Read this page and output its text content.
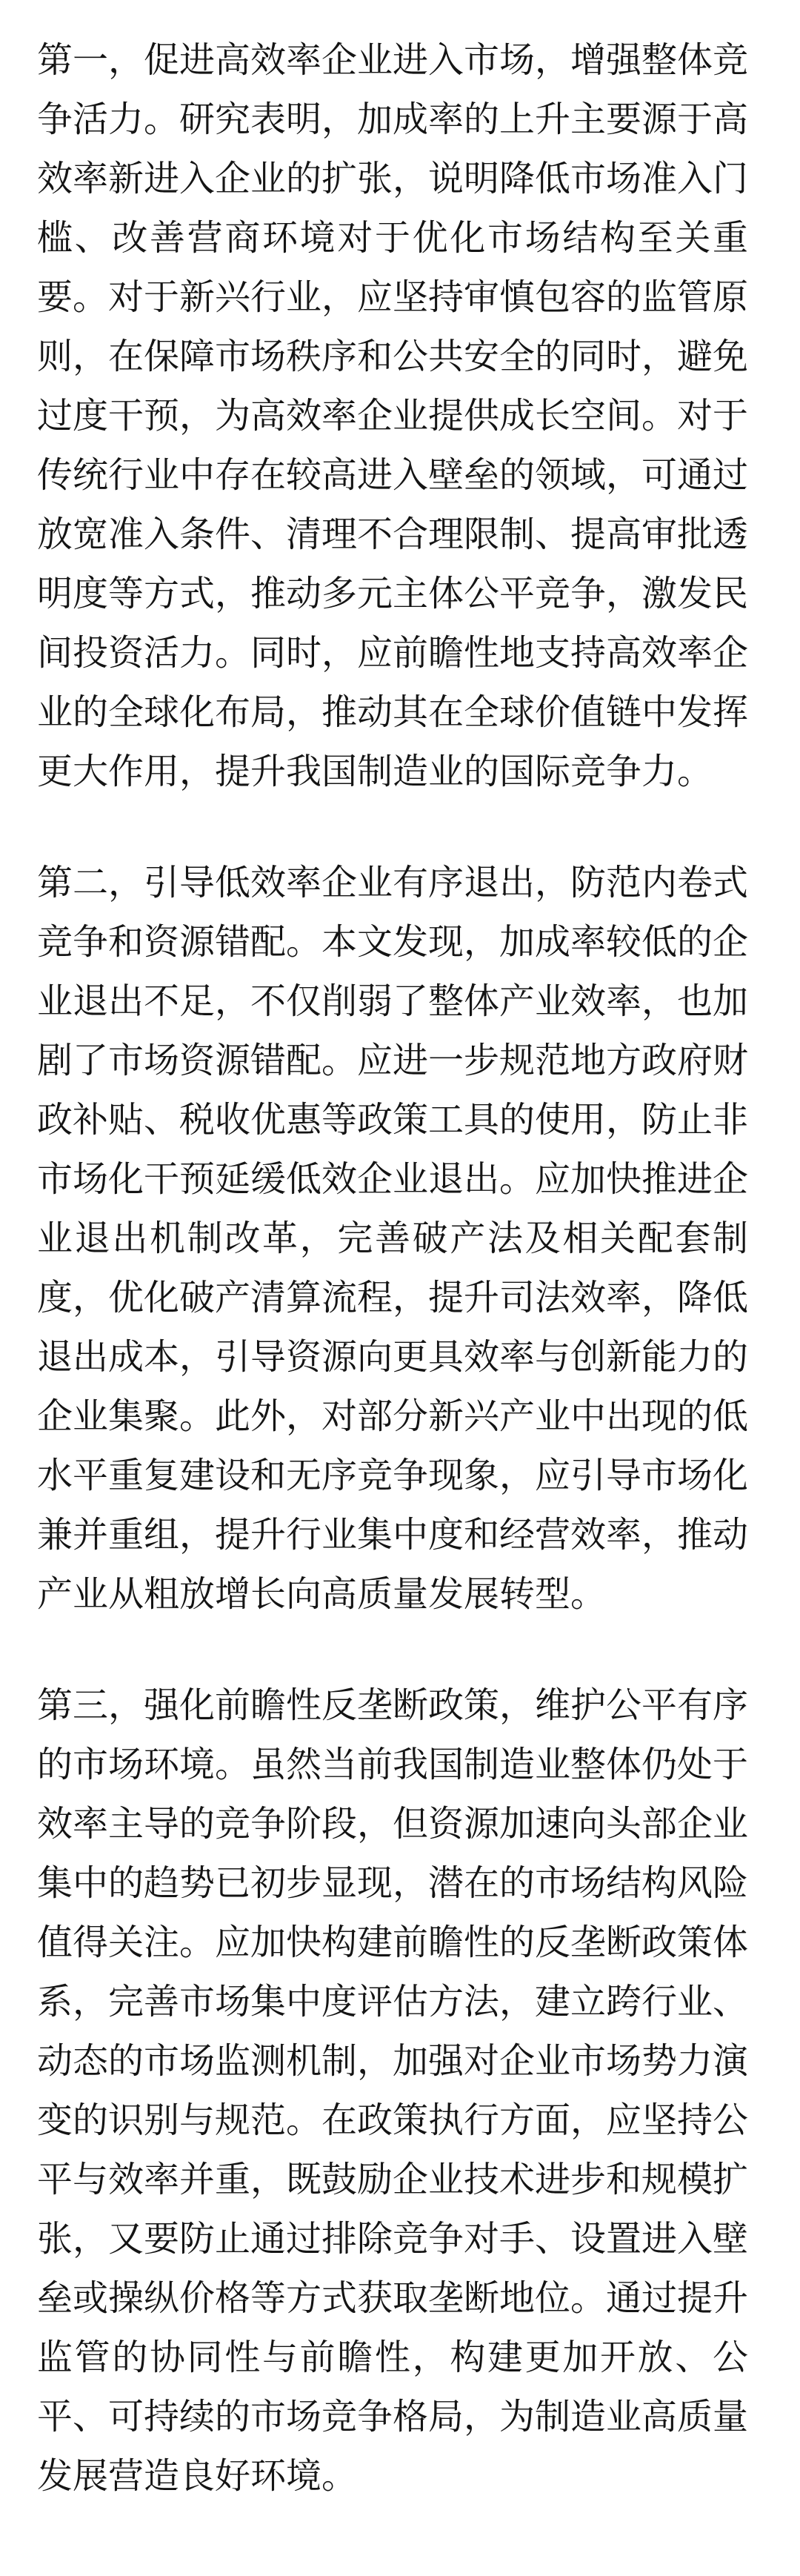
第一，促进高效率企业进入市场，增强整体竞
争活力。研究表明，加成率的上升主要源于高
效率新进入企业的扩张，说明降低市场准入门
槛、改善营商环境对于优化市场结构至关重
要。对于新兴行业，应坚持审慎包容的监管原
则，在保障市场秩序和公共安全的同时，避免
过度干预，为高效率企业提供成长空间。对于
传统行业中存在较高进入壁垒的领域，可通过
放宽准入条件、清理不合理限制、提高审批透
明度等方式，推动多元主体公平竞争，激发民
间投资活力。同时，应前瞻性地支持高效率企
业的全球化布局，推动其在全球价值链中发挥
更大作用，提升我国制造业的国际竞争力。
第二，引导低效率企业有序退出，防范内卷式
竞争和资源错配。本文发现，加成率较低的企
业退出不足，不仅削弱了整体产业效率，也加
剧了市场资源错配。应进一步规范地方政府财
政补贴、税收优惠等政策工具的使用，防止非
市场化干预延缓低效企业退出。应加快推进企
业退出机制改革，完善破产法及相关配套制
度，优化破产清算流程，提升司法效率，降低
退出成本，引导资源向更具效率与创新能力的
企业集聚。此外，对部分新兴产业中出现的低
水平重复建设和无序竞争现象，应引导市场化
兼并重组，提升行业集中度和经营效率，推动
产业从粗放增长向高质量发展转型。
第三，强化前瞻性反垄断政策，维护公平有序
的市场环境。虽然当前我国制造业整体仍处于
效率主导的竞争阶段，但资源加速向头部企业
集中的趋势已初步显现，潜在的市场结构风险
值得关注。应加快构建前瞻性的反垄断政策体
系，完善市场集中度评估方法，建立跨行业、
动态的市场监测机制，加强对企业市场势力演
变的识别与规范。在政策执行方面，应坚持公
平与效率并重，既鼓励企业技术进步和规模扩
张，又要防止通过排除竞争对手、设置进入壁
垒或操纵价格等方式获取垄断地位。通过提升
监管的协同性与前瞻性，构建更加开放、公
平、可持续的市场竞争格局，为制造业高质量
发展营造良好环境。
